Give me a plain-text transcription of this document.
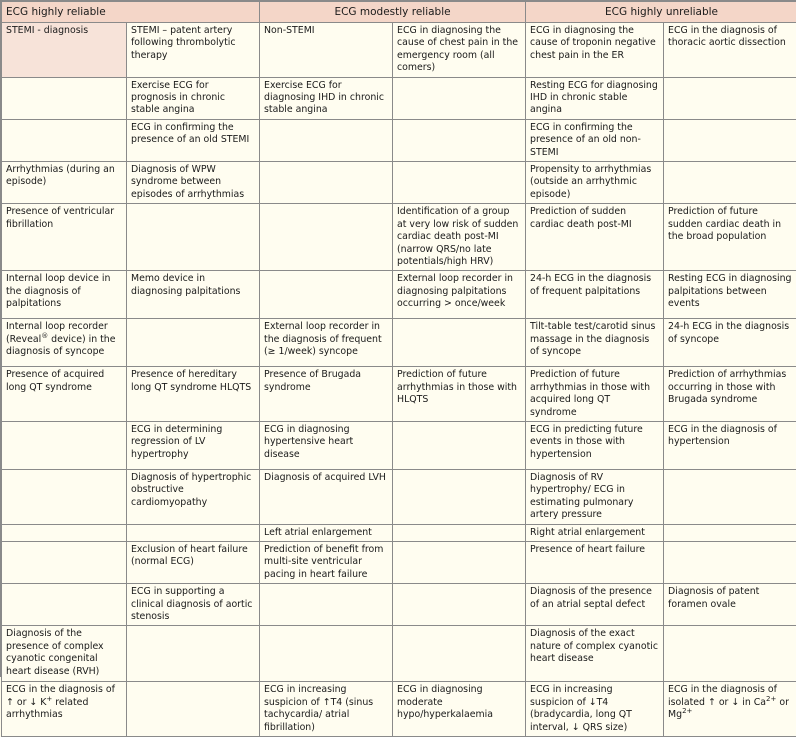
ECG highly reliable		ECG modestly reliable		ECG highly unreliable	
STEMI - diagnosis	STEMI – patent artery following thrombolytic therapy	Non-STEMI	ECG in diagnosing the cause of chest pain in the emergency room (all comers)	ECG in diagnosing the cause of troponin negative chest pain in the ER	ECG in the diagnosis of thoracic aortic dissection
	Exercise ECG for prognosis in chronic stable angina	Exercise ECG for diagnosing IHD in chronic stable angina		Resting ECG for diagnosing IHD in chronic stable angina	
	ECG in confirming the presence of an old STEMI			ECG in confirming the presence of an old non-STEMI	
Arrhythmias (during an episode)	Diagnosis of WPW syndrome between episodes of arrhythmias			Propensity to arrhythmias (outside an arrhythmic episode)	
Presence of ventricular fibrillation			Identification of a group at very low risk of sudden cardiac death post-MI (narrow QRS/no late potentials/high HRV)	Prediction of sudden cardiac death post-MI	Prediction of future sudden cardiac death in the broad population
Internal loop device in the diagnosis of palpitations	Memo device in diagnosing palpitations		External loop recorder in diagnosing palpitations occurring > once/week	24-h ECG in the diagnosis of frequent palpitations	Resting ECG in diagnosing palpitations between events
Internal loop recorder (Reveal® device) in the diagnosis of syncope		External loop recorder in the diagnosis of frequent (≥ 1/week) syncope		Tilt-table test/carotid sinus massage in the diagnosis of syncope	24-h ECG in the diagnosis of syncope
Presence of acquired long QT syndrome	Presence of hereditary long QT syndrome HLQTS	Presence of Brugada syndrome	Prediction of future arrhythmias in those with HLQTS	Prediction of future arrhythmias in those with acquired long QT syndrome	Prediction of arrhythmias occurring in those with Brugada syndrome
	ECG in determining regression of LV hypertrophy	ECG in diagnosing hypertensive heart disease		ECG in predicting future events in those with hypertension	ECG in the diagnosis of hypertension
	Diagnosis of hypertrophic obstructive cardiomyopathy	Diagnosis of acquired LVH		Diagnosis of RV hypertrophy/ ECG in estimating pulmonary artery pressure	
		Left atrial enlargement		Right atrial enlargement	
	Exclusion of heart failure (normal ECG)	Prediction of benefit from multi-site ventricular pacing in heart failure		Presence of heart failure	
	ECG in supporting a clinical diagnosis of aortic stenosis			Diagnosis of the presence of an atrial septal defect	Diagnosis of patent foramen ovale
Diagnosis of the presence of complex cyanotic congenital heart disease (RVH)				Diagnosis of the exact nature of complex cyanotic heart disease	
ECG in the diagnosis of ↑ or ↓ K+ related arrhythmias		ECG in increasing suspicion of ↑T4 (sinus tachycardia/ atrial fibrillation)	ECG in diagnosing moderate hypo/hyperkalaemia	ECG in increasing suspicion of ↓T4 (bradycardia, long QT interval, ↓ QRS size)	ECG in the diagnosis of isolated ↑ or ↓ in $Ca^{2+}$ or $Mg^{2+}$
